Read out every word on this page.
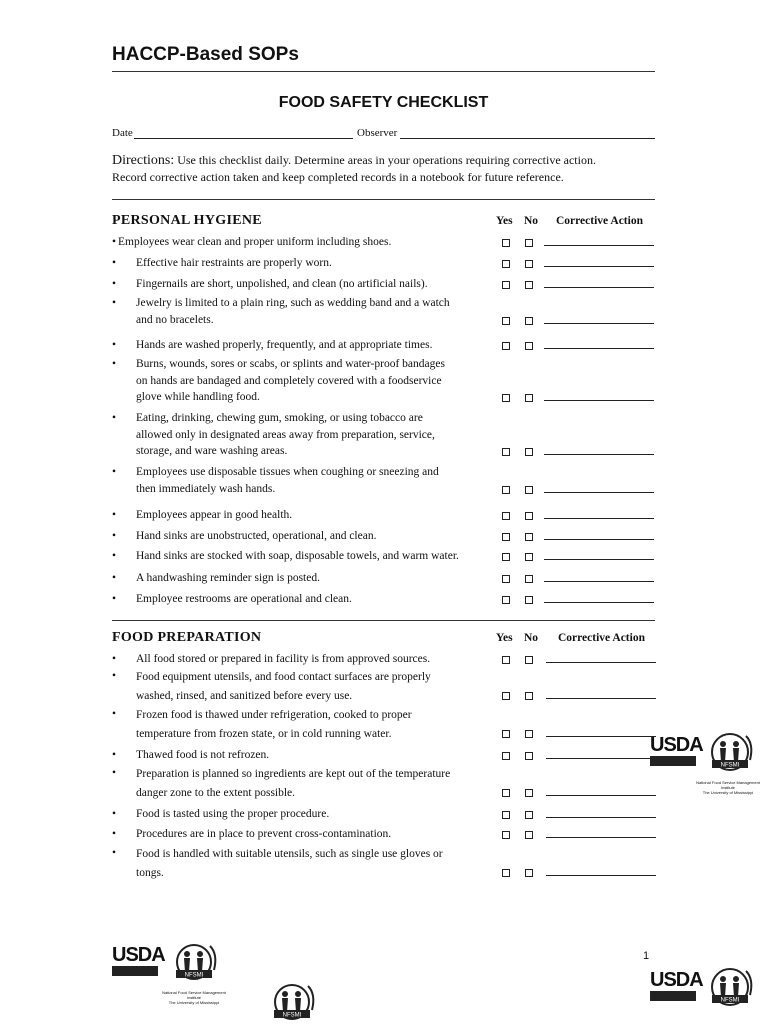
HACCP-Based SOPs
FOOD SAFETY CHECKLIST
Date	Observer
Directions: Use this checklist daily. Determine areas in your operations requiring corrective action.
Record corrective action taken and keep completed records in a notebook for future reference.
PERSONAL HYGIENE	Yes No Corrective Action
• Employees wear clean and proper uniform including shoes.
• Effective hair restraints are properly worn.
• Fingernails are short, unpolished, and clean (no artificial nails).
• Jewelry is limited to a plain ring, such as wedding band and a watch
and no bracelets.
• Hands are washed properly, frequently, and at appropriate times.
• Burns, wounds, sores or scabs, or splints and water-proof bandages
on hands are bandaged and completely covered with a foodservice
glove while handling food.
• Eating, drinking, chewing gum, smoking, or using tobacco are
allowed only in designated areas away from preparation, service,
storage, and ware washing areas.
• Employees use disposable tissues when coughing or sneezing and
then immediately wash hands.
• Employees appear in good health.
• Hand sinks are unobstructed, operational, and clean.
• Hand sinks are stocked with soap, disposable towels, and warm water.
• A handwashing reminder sign is posted.
• Employee restrooms are operational and clean.
FOOD PREPARATION	Yes No Corrective Action
• All food stored or prepared in facility is from approved sources.
• Food equipment utensils, and food contact surfaces are properly
washed, rinsed, and sanitized before every use.
• Frozen food is thawed under refrigeration, cooked to proper
temperature from frozen state, or in cold running water.
• Thawed food is not refrozen.
• Preparation is planned so ingredients are kept out of the temperature
danger zone to the extent possible.
• Food is tasted using the proper procedure.
• Procedures are in place to prevent cross-contamination.
• Food is handled with suitable utensils, such as single use gloves or
tongs.
1
USDA
NFSMI
National Food Service Management Institute
The University of Mississippi
USDA
NFSMI
National Food Service Management Institute
The University of Mississippi
NFSMI
USDA
NFSMI
